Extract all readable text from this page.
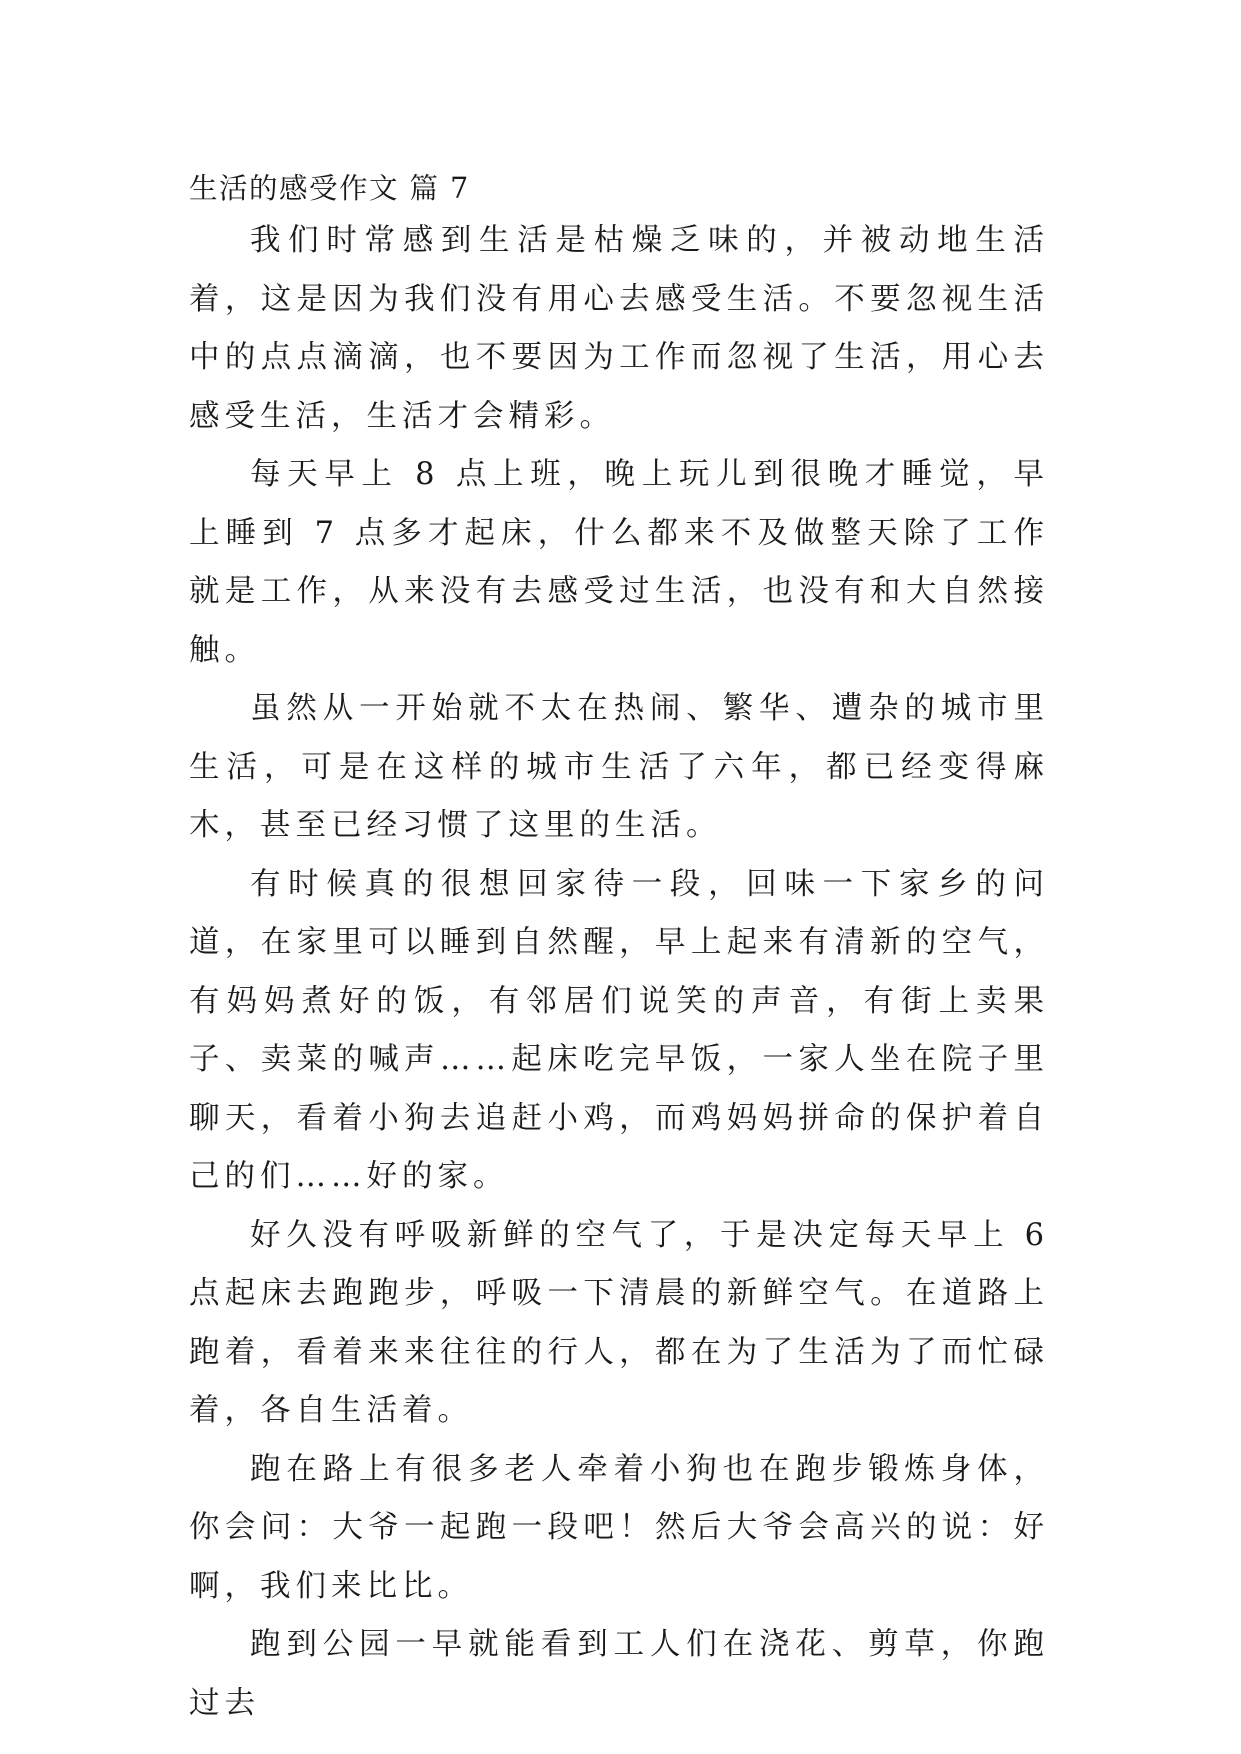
生活的感受作文 篇 7

我们时常感到生活是枯燥乏味的，并被动地生活着，这是因为我们没有用心去感受生活。不要忽视生活中的点点滴滴，也不要因为工作而忽视了生活，用心去感受生活，生活才会精彩。

每天早上 8 点上班，晚上玩儿到很晚才睡觉，早上睡到 7 点多才起床，什么都来不及做整天除了工作就是工作，从来没有去感受过生活，也没有和大自然接触。

虽然从一开始就不太在热闹、繁华、遭杂的城市里生活，可是在这样的城市生活了六年，都已经变得麻木，甚至已经习惯了这里的生活。

有时候真的很想回家待一段，回味一下家乡的问道，在家里可以睡到自然醒，早上起来有清新的空气，有妈妈煮好的饭，有邻居们说笑的声音，有街上卖果子、卖菜的喊声……起床吃完早饭，一家人坐在院子里聊天，看着小狗去追赶小鸡，而鸡妈妈拼命的保护着自己的们……好的家。

好久没有呼吸新鲜的空气了，于是决定每天早上 6 点起床去跑跑步，呼吸一下清晨的新鲜空气。在道路上跑着，看着来来往往的行人，都在为了生活为了而忙碌着，各自生活着。

跑在路上有很多老人牵着小狗也在跑步锻炼身体，你会问：大爷一起跑一段吧！然后大爷会高兴的说：好啊，我们来比比。

跑到公园一早就能看到工人们在浇花、剪草，你跑过去
